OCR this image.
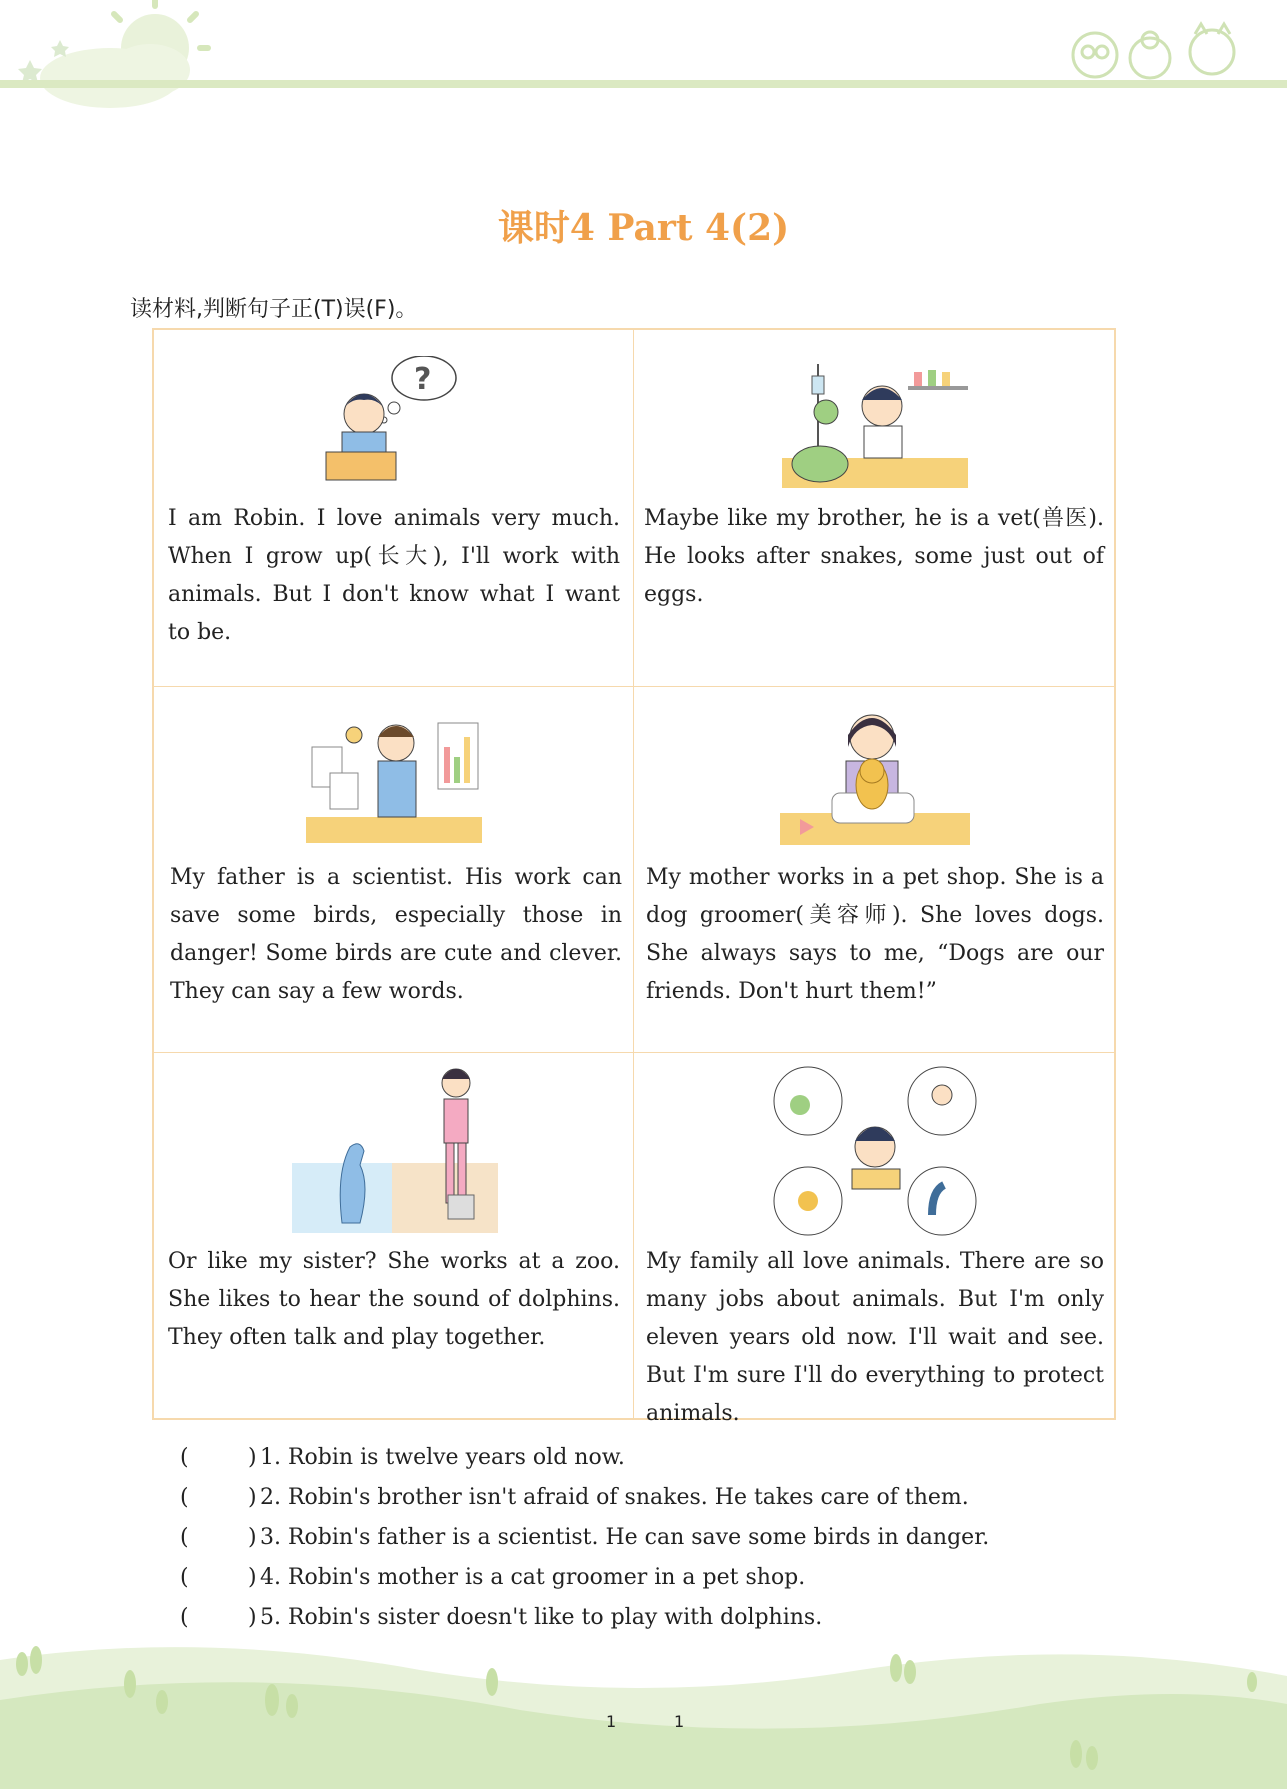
课时4 Part 4(2)
读材料,判断句子正(T)误(F)。
?
I am Robin. I love animals very much. When I grow up(长大), I'll work with animals. But I don't know what I want to be.
Maybe like my brother, he is a vet(兽医). He looks after snakes, some just out of eggs.
My father is a scientist. His work can save some birds, especially those in danger! Some birds are cute and clever. They can say a few words.
My mother works in a pet shop. She is a dog groomer(美容师). She loves dogs. She always says to me, “Dogs are our friends. Don't hurt them!”
Or like my sister? She works at a zoo. She likes to hear the sound of dolphins. They often talk and play together.
My family all love animals. There are so many jobs about animals. But I'm only eleven years old now. I'll wait and see. But I'm sure I'll do everything to protect animals.
(	) 1. Robin is twelve years old now.
(	) 2. Robin's brother isn't afraid of snakes. He takes care of them.
(	) 3. Robin's father is a scientist. He can save some birds in danger.
(	) 4. Robin's mother is a cat groomer in a pet shop.
(	) 5. Robin's sister doesn't like to play with dolphins.
1	1
